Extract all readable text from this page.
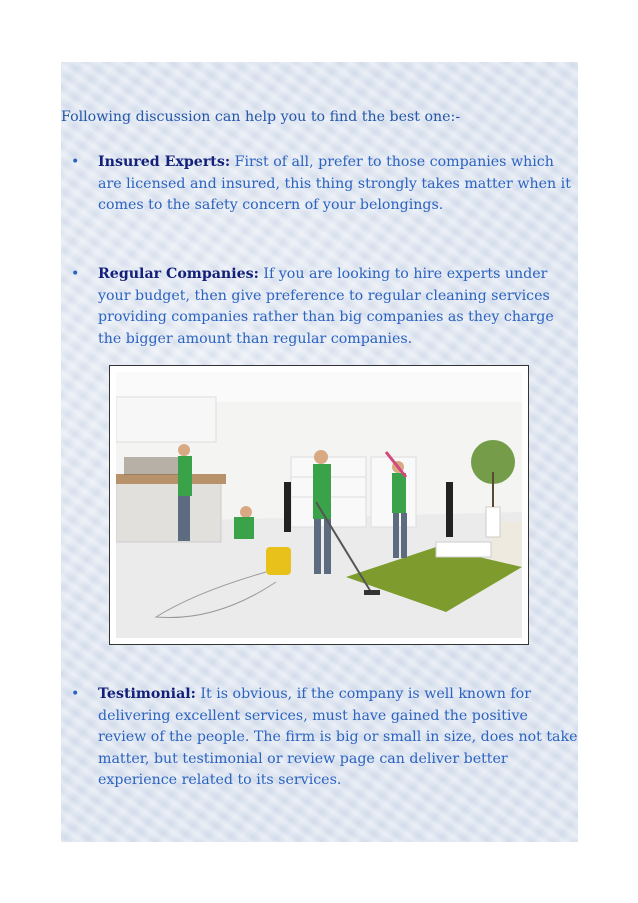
Following discussion can help you to find the best one:-
• Insured Experts: First of all, prefer to those companies which are licensed and insured, this thing strongly takes matter when it comes to the safety concern of your belongings.
• Regular Companies: If you are looking to hire experts under your budget, then give preference to regular cleaning services providing companies rather than big companies as they charge the bigger amount than regular companies.
• Testimonial: It is obvious, if the company is well known for delivering excellent services, must have gained the positive review of the people. The firm is big or small in size, does not take matter, but testimonial or review page can deliver better experience related to its services.
